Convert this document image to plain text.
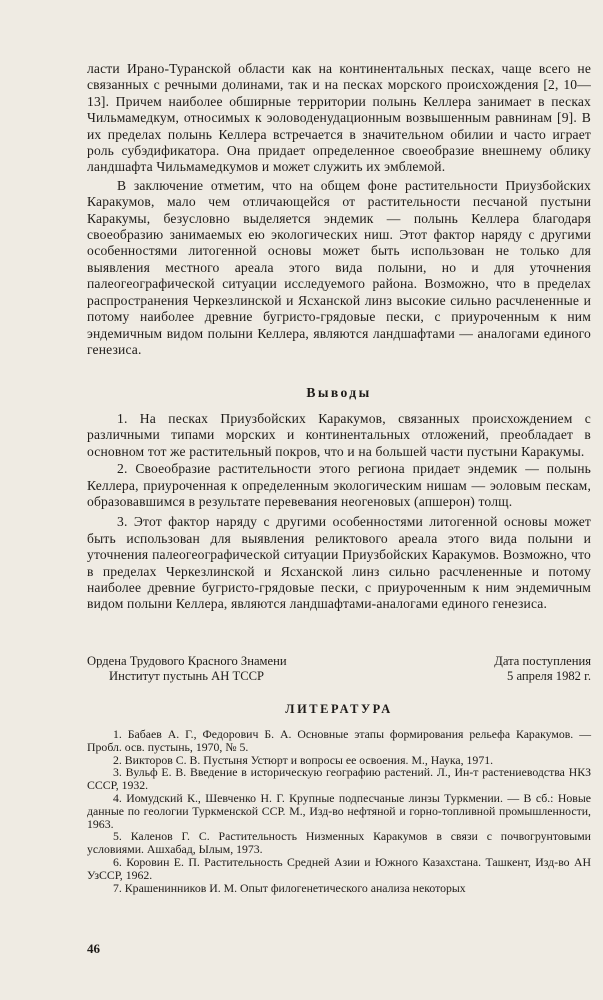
ласти Ирано-Туранской области как на континентальных песках, чаще всего не связанных с речными долинами, так и на песках морского происхождения [2, 10—13]. Причем наиболее обширные территории полынь Келлера занимает в песках Чильмамедкум, относимых к эоловоденудационным возвышенным равнинам [9]. В их пределах полынь Келлера встречается в значительном обилии и часто играет роль субэдификатора. Она придает определенное своеобразие внешнему облику ландшафта Чильмамедкумов и может служить их эмблемой.

В заключение отметим, что на общем фоне растительности Приузбойских Каракумов, мало чем отличающейся от растительности песчаной пустыни Каракумы, безусловно выделяется эндемик — полынь Келлера благодаря своеобразию занимаемых ею экологических ниш. Этот фактор наряду с другими особенностями литогенной основы может быть использован не только для выявления местного ареала этого вида полыни, но и для уточнения палеогеографической ситуации исследуемого района. Возможно, что в пределах распространения Черкезлинской и Ясханской линз высокие сильно расчлененные и потому наиболее древние бугристо-грядовые пески, с приуроченным к ним эндемичным видом полыни Келлера, являются ландшафтами — аналогами единого генезиса.

Выводы

1. На песках Приузбойских Каракумов, связанных происхождением с различными типами морских и континентальных отложений, преобладает в основном тот же растительный покров, что и на большей части пустыни Каракумы.

2. Своеобразие растительности этого региона придает эндемик — полынь Келлера, приуроченная к определенным экологическим нишам — эоловым пескам, образовавшимся в результате перевевания неогеновых (апшерон) толщ.

3. Этот фактор наряду с другими особенностями литогенной основы может быть использован для выявления реликтового ареала этого вида полыни и уточнения палеогеографической ситуации Приузбойских Каракумов. Возможно, что в пределах Черкезлинской и Ясханской линз сильно расчлененные и потому наиболее древние бугристо-грядовые пески, с приуроченным к ним эндемичным видом полыни Келлера, являются ландшафтами-аналогами единого генезиса.

Ордена Трудового Красного Знамени
Институт пустынь АН ТССР
Дата поступления
5 апреля 1982 г.
ЛИТЕРАТУРА
1. Бабаев А. Г., Федорович Б. А. Основные этапы формирования рельефа Каракумов. — Пробл. осв. пустынь, 1970, № 5.
2. Викторов С. В. Пустыня Устюрт и вопросы ее освоения. М., Наука, 1971.
3. Вульф Е. В. Введение в историческую географию растений. Л., Ин-т растениеводства НКЗ СССР, 1932.
4. Иомудский К., Шевченко Н. Г. Крупные подпесчаные линзы Туркмении. — В сб.: Новые данные по геологии Туркменской ССР. М., Изд-во нефтяной и горно-топливной промышленности, 1963.
5. Каленов Г. С. Растительность Низменных Каракумов в связи с почвогрунтовыми условиями. Ашхабад, Ылым, 1973.
6. Коровин Е. П. Растительность Средней Азии и Южного Казахстана. Ташкент, Изд-во АН УзССР, 1962.
7. Крашенинников И. М. Опыт филогенетического анализа некоторых
46
